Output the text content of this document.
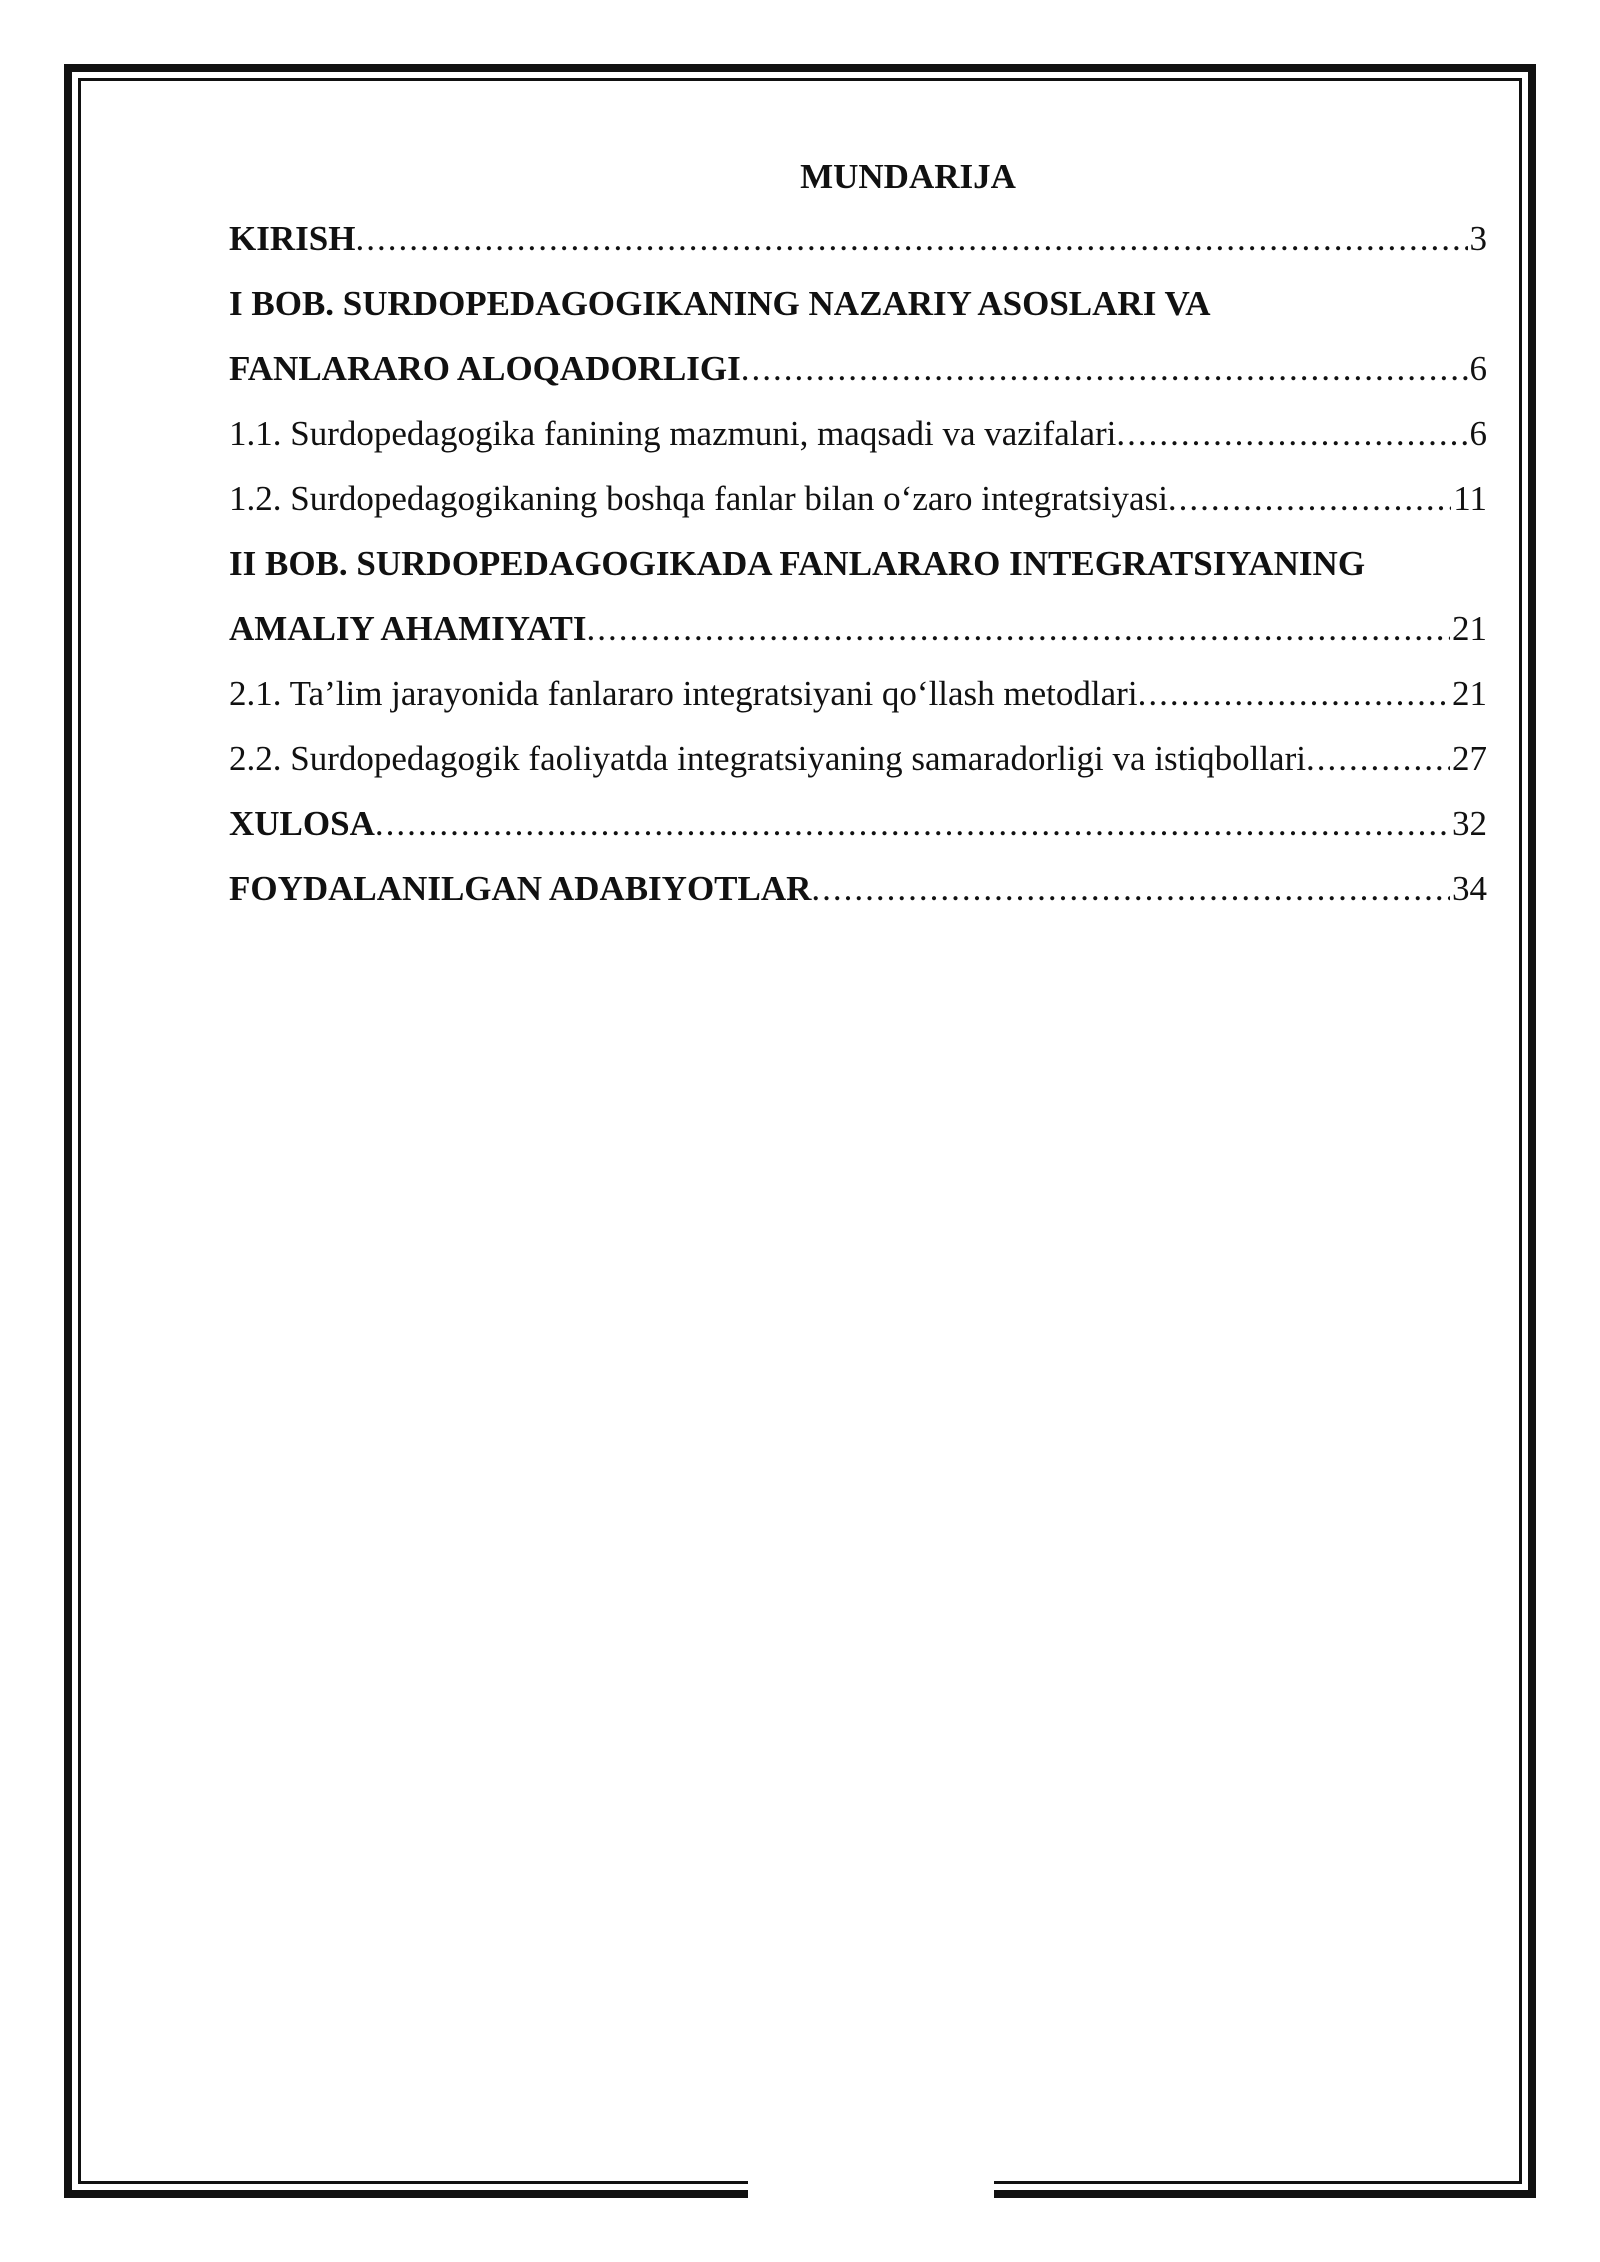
MUNDARIJA
KIRISH .....	3
I BOB. SURDOPEDAGOGIKANING NAZARIY ASOSLARI VA
FANLARARO ALOQADORLIGI .....	6
1.1. Surdopedagogika fanining mazmuni, maqsadi va vazifalari .....	6
1.2. Surdopedagogikaning boshqa fanlar bilan o‘zaro integratsiyasi .....	11
II BOB. SURDOPEDAGOGIKADA FANLARARO INTEGRATSIYANING
AMALIY AHAMIYATI .....	21
2.1. Ta’lim jarayonida fanlararo integratsiyani qo‘llash metodlari .....	21
2.2. Surdopedagogik faoliyatda integratsiyaning samaradorligi va istiqbollari .....	27
XULOSA .....	32
FOYDALANILGAN ADABIYOTLAR .....	34
